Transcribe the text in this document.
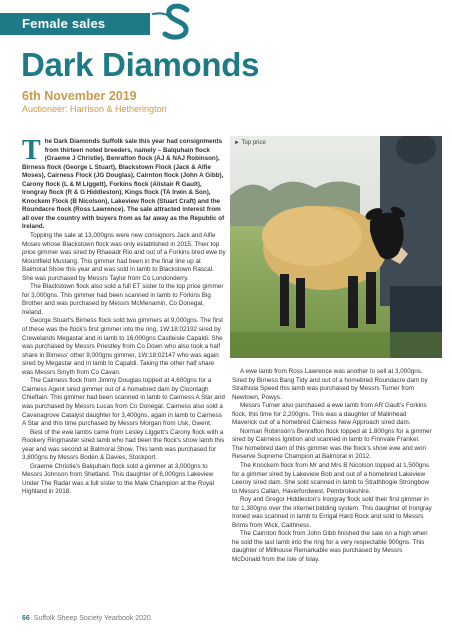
Female sales
Dark Diamonds
6th November 2019
Auctioneer: Harrison & Hetherington

The Dark Diamonds Suffolk sale this year had consignments from thirteen noted breeders, namely – Balquhain flock (Graeme J Christie), Benrafton flock (AJ & NAJ Robinson), Birness flock (George L Stuart), Blackstown Flock (Jack & Alfie Moses), Cairness Flock (JG Douglas), Cairnton flock (John A Gibb), Carony flock (L & M Liggett), Forkins flock (Alistair R Gault), Irongray flock (R & G Hiddleston), Kings flock (TA Irwin & Son), Knockem Flock (B Nicolson), Lakeview flock (Stuart Craft) and the Roundacre flock (Ross Lawrence). The sale attracted interest from all over the country with buyers from as far away as the Republic of Ireland.

Topping the sale at 13,000gns were new consignors Jack and Alfie Moses whose Blackstown flock was only established in 2015. Their top price gimmer was sired by Rhaeadr Rio and out of a Forkins bred ewe by Mountfield Mustang. This gimmer had been in the final line up at Balmoral Show this year and was sold in lamb to Blackstown Rascal. She was purchased by Messrs Taylor from Co Londonderry.

The Blackstown flock also sold a full ET sister to the top price gimmer for 3,000gns. This gimmer had been scanned in lamb to Forkins Big Brother and was purchased by Messrs McMenamin, Co Donegal, Ireland.

George Stuart's Birness flock sold two gimmers at 9,000gns. The first of these was the flock's first gimmer into the ring, 1W:18:02192 sired by Crewelands Megastar and in lamb to 16,000gns Castleisle Capaldi. She was purchased by Messrs Priestley from Co Down who also took a half share in Birness' other 9,000gns gimmer, 1W:18:02147 who was again sired by Megastar and in lamb to Capaldi. Taking the other half share was Messrs Smyth from Co Cavan.

The Cairness flock from Jimmy Douglas topped at 4,600gns for a Cairness Agent sired gimmer out of a homebred dam by Cloontagh Chieftain. This gimmer had been scanned in lamb to Cairness A Star and was purchased by Messrs Lucas from Co Donegal. Cairness also sold a Cavanagrove Catalyst daughter for 3,400gns, again in lamb to Cairness A Star and this time purchased by Messrs Morgan from Usk, Gwent.

Best of the ewe lambs came from Lesley Liggett's Carony flock with a Rookery Ringmaster sired lamb who had been the flock's show lamb this year and was second at Balmoral Show. This lamb was purchased for 3,800gns by Messrs Boden & Davies, Stockport.

Graeme Christie's Balquhain flock sold a gimmer at 3,000gns to Messrs Johnson from Shetland. This daughter of 6,000gns Lakeview Under The Radar was a full sister to the Male Champion at the Royal Highland in 2018.

► Top price

A ewe lamb from Ross Lawrence was another to sell at 3,000gns. Sired by Birness Bang Tidy and out of a homebred Roundacre dam by Strathisla Speed this lamb was purchased by Messrs Turner from Newtown, Powys.

Messrs Turner also purchased a ewe lamb from AR Gault's Forkins flock, this time for 2,200gns. This was a daughter of Malinhead Maverick out of a homebred Cairness New Approach sired dam.

Norman Robinson's Benrafton flock topped at 1,800gns for a gimmer sired by Cairness Ignition and scanned in lamb to Finnvale Frankel. The homebred dam of this gimmer was the flock's show ewe and won Reserve Supreme Champion at Balmoral in 2012.

The Knockem flock from Mr and Mrs B Nicolson topped at 1,500gns for a gimmer sired by Lakeview Bob and out of a homebred Lakeview Leeroy sired dam. She sold scanned in lamb to Strathbogie Strongbow to Messrs Callan, Haverfordwest, Pembrokeshire.

Roy and Gregor Hiddleston's Irongray flock sold their first gimmer in for 1,300gns over the internet bidding system. This daughter of Irongray Ironed was scanned in lamb to Errigal Hard Rock and sold to Messrs Brims from Wick, Caithness.

The Cairnton flock from John Gibb finished the sale on a high when he sold the last lamb into the ring for a very respectable 900gns. This daughter of Millhouse Remarkable was purchased by Messrs McDonald from the Isle of Islay.

66 Suffolk Sheep Society Yearbook 2020
